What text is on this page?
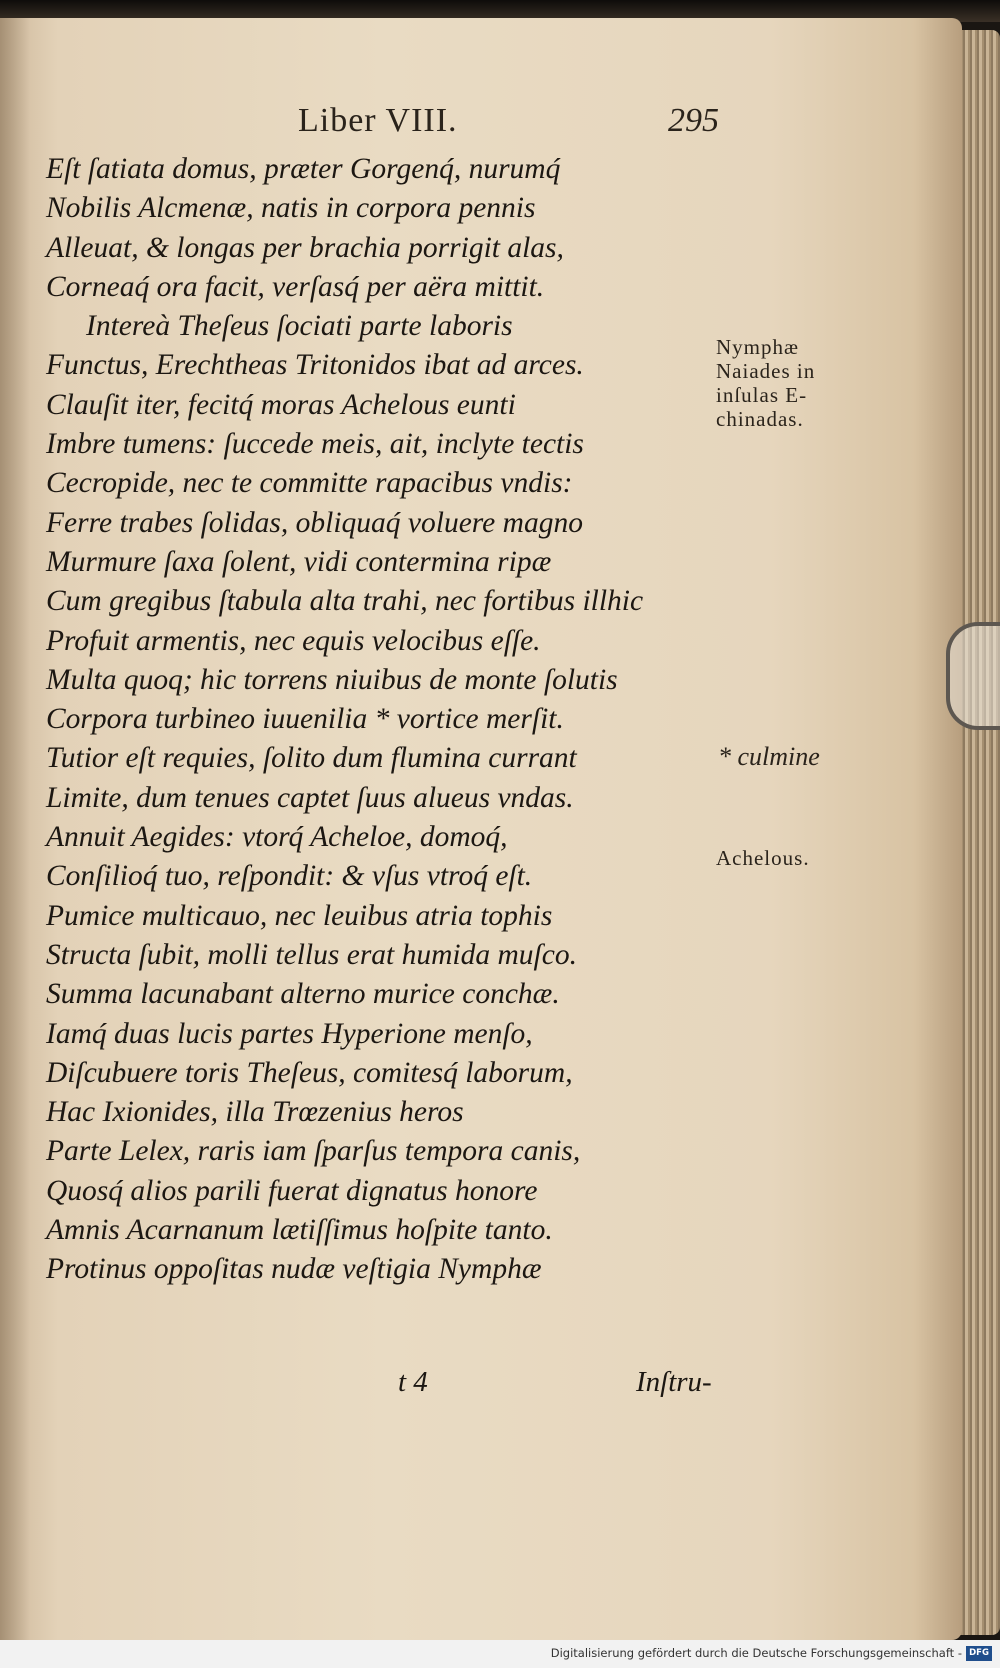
Liber VIII.	295
Eſt ſatiata domus, præter Gorgenq́, nurumq́
Nobilis Alcmenæ, natis in corpora pennis
Alleuat, & longas per brachia porrigit alas,
Corneaq́ ora facit, verſasq́ per aëra mittit.
Intereà Theſeus ſociati parte laboris
Functus, Erechtheas Tritonidos ibat ad arces.
Clauſit iter, fecitq́ moras Achelous eunti
Imbre tumens: ſuccede meis, ait, inclyte tectis
Cecropide, nec te committe rapacibus vndis:
Ferre trabes ſolidas, obliquaq́ voluere magno
Murmure ſaxa ſolent, vidi contermina ripæ
Cum gregibus ſtabula alta trahi, nec fortibus illhic
Profuit armentis, nec equis velocibus eſſe.
Multa quoq; hic torrens niuibus de monte ſolutis
Corpora turbineo iuuenilia * vortice merſit.
Tutior eſt requies, ſolito dum flumina currant
Limite, dum tenues captet ſuus alueus vndas.
Annuit Aegides: vtorq́ Acheloe, domoq́,
Conſilioq́ tuo, reſpondit: & vſus vtroq́ eſt.
Pumice multicauo, nec leuibus atria tophis
Structa ſubit, molli tellus erat humida muſco.
Summa lacunabant alterno murice conchæ.
Iamq́ duas lucis partes Hyperione menſo,
Diſcubuere toris Theſeus, comitesq́ laborum,
Hac Ixionides, illa Trœzenius heros
Parte Lelex, raris iam ſparſus tempora canis,
Quosq́ alios parili fuerat dignatus honore
Amnis Acarnanum lætiſſimus hoſpite tanto.
Protinus oppoſitas nudæ veſtigia Nymphæ
Nymphæ
Naiades in
inſulas E-
chinadas.
* culmine
Achelous.
t 4	Inſtru-
Digitalisierung gefördert durch die Deutsche Forschungsgemeinschaft - DFG
